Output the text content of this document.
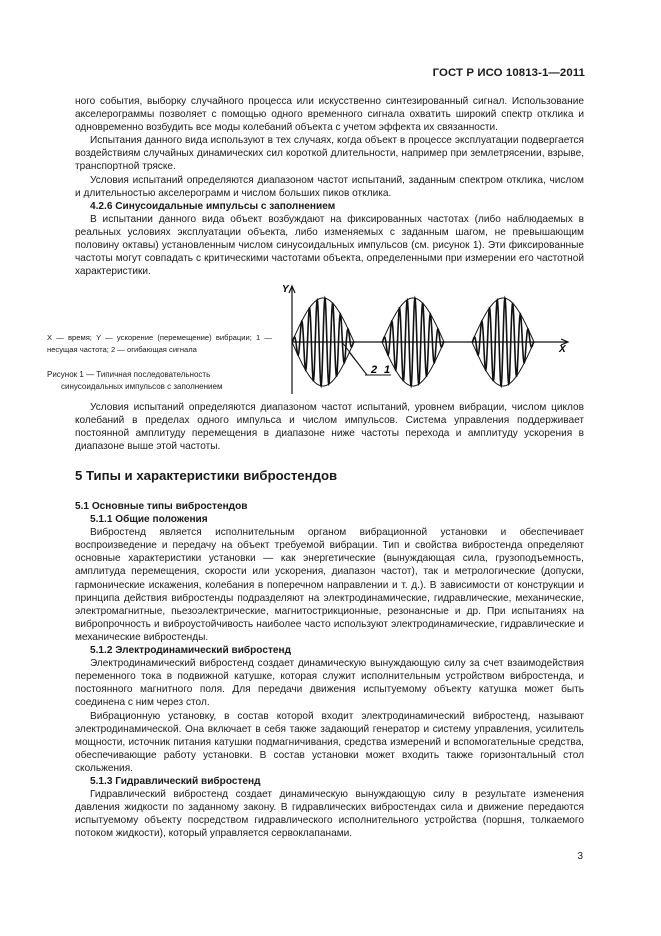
ГОСТ Р ИСО 10813-1—2011

ного события, выборку случайного процесса или искусственно синтезированный сигнал. Использование акселерограммы позволяет с помощью одного временного сигнала охватить широкий спектр отклика и одновременно возбудить все моды колебаний объекта с учетом эффекта их связанности.

Испытания данного вида используют в тех случаях, когда объект в процессе эксплуатации подвергается воздействиям случайных динамических сил короткой длительности, например при землетрясении, взрыве, транспортной тряске.

Условия испытаний определяются диапазоном частот испытаний, заданным спектром отклика, числом и длительностью акселерограмм и числом больших пиков отклика.

4.2.6 Синусоидальные импульсы с заполнением

В испытании данного вида объект возбуждают на фиксированных частотах (либо наблюдаемых в реальных условиях эксплуатации объекта, либо изменяемых с заданным шагом, не превышающим половину октавы) установленным числом синусоидальных импульсов (см. рисунок 1). Эти фиксированные частоты могут совпадать с критическими частотами объекта, определенными при измерении его частотной характеристики.

X — время; Y — ускорение (перемещение) вибрации; 1 — несущая частота; 2 — огибающая сигнала
Рисунок 1 — Типичная последовательность
синусоидальных импульсов с заполнением
Y
X
2 1

Условия испытаний определяются диапазоном частот испытаний, уровнем вибрации, числом циклов колебаний в пределах одного импульса и числом импульсов. Система управления поддерживает постоянной амплитуду перемещения в диапазоне ниже частоты перехода и амплитуду ускорения в диапазоне выше этой частоты.

5 Типы и характеристики вибростендов

5.1 Основные типы вибростендов

5.1.1 Общие положения

Вибростенд является исполнительным органом вибрационной установки и обеспечивает воспроизведение и передачу на объект требуемой вибрации. Тип и свойства вибростенда определяют основные характеристики установки — как энергетические (вынуждающая сила, грузоподъемность, амплитуда перемещения, скорости или ускорения, диапазон частот), так и метрологические (допуски, гармонические искажения, колебания в поперечном направлении и т. д.). В зависимости от конструкции и принципа действия вибростенды подразделяют на электродинамические, гидравлические, механические, электромагнитные, пьезоэлектрические, магнитострикционные, резонансные и др. При испытаниях на вибропрочность и виброустойчивость наиболее часто используют электродинамические, гидравлические и механические вибростенды.

5.1.2 Электродинамический вибростенд

Электродинамический вибростенд создает динамическую вынуждающую силу за счет взаимодействия переменного тока в подвижной катушке, которая служит исполнительным устройством вибростенда, и постоянного магнитного поля. Для передачи движения испытуемому объекту катушка может быть соединена с ним через стол.

Вибрационную установку, в состав которой входит электродинамический вибростенд, называют электродинамической. Она включает в себя также задающий генератор и систему управления, усилитель мощности, источник питания катушки подмагничивания, средства измерений и вспомогательные средства, обеспечивающие работу установки. В состав установки может входить также горизонтальный стол скольжения.

5.1.3 Гидравлический вибростенд

Гидравлический вибростенд создает динамическую вынуждающую силу в результате изменения давления жидкости по заданному закону. В гидравлических вибростендах сила и движение передаются испытуемому объекту посредством гидравлического исполнительного устройства (поршня, толкаемого потоком жидкости), который управляется сервоклапанами.

3
